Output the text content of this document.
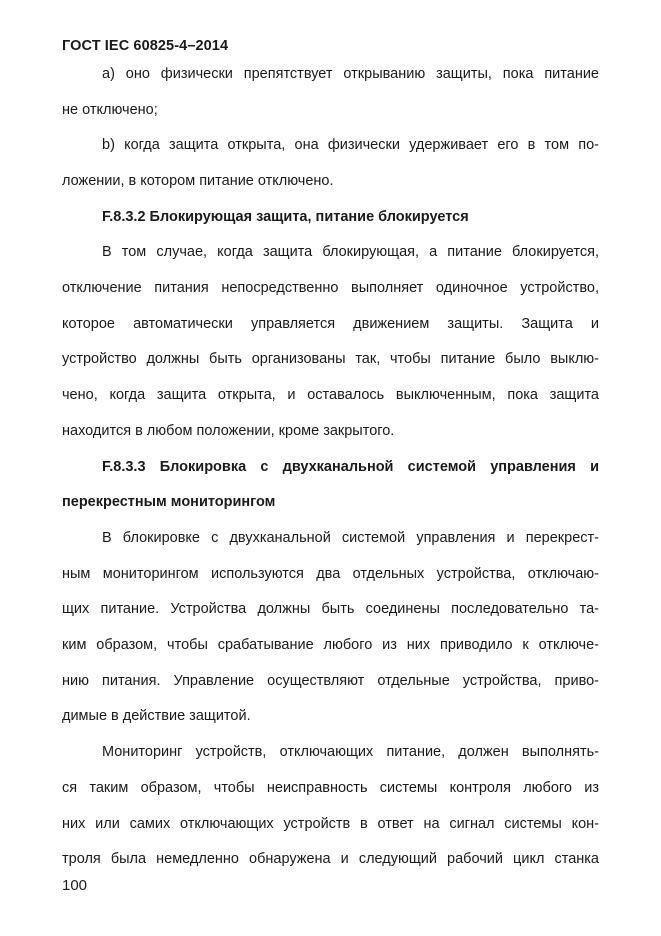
ГОСТ IEC 60825-4–2014
a) оно физически препятствует открыванию защиты, пока питание
не отключено;
b) когда защита открыта, она физически удерживает его в том по-
ложении, в котором питание отключено.
F.8.3.2 Блокирующая защита, питание блокируется
В том случае, когда защита блокирующая, а питание блокируется,
отключение питания непосредственно выполняет одиночное устройство,
которое автоматически управляется движением защиты. Защита и
устройство должны быть организованы так, чтобы питание было выклю-
чено, когда защита открыта, и оставалось выключенным, пока защита
находится в любом положении, кроме закрытого.
F.8.3.3 Блокировка с двухканальной системой управления и
перекрестным мониторингом
В блокировке с двухканальной системой управления и перекрест-
ным мониторингом используются два отдельных устройства, отключаю-
щих питание. Устройства должны быть соединены последовательно та-
ким образом, чтобы срабатывание любого из них приводило к отключе-
нию питания. Управление осуществляют отдельные устройства, приво-
димые в действие защитой.
Мониторинг устройств, отключающих питание, должен выполнять-
ся таким образом, чтобы неисправность системы контроля любого из
них или самих отключающих устройств в ответ на сигнал системы кон-
троля была немедленно обнаружена и следующий рабочий цикл станка
100
